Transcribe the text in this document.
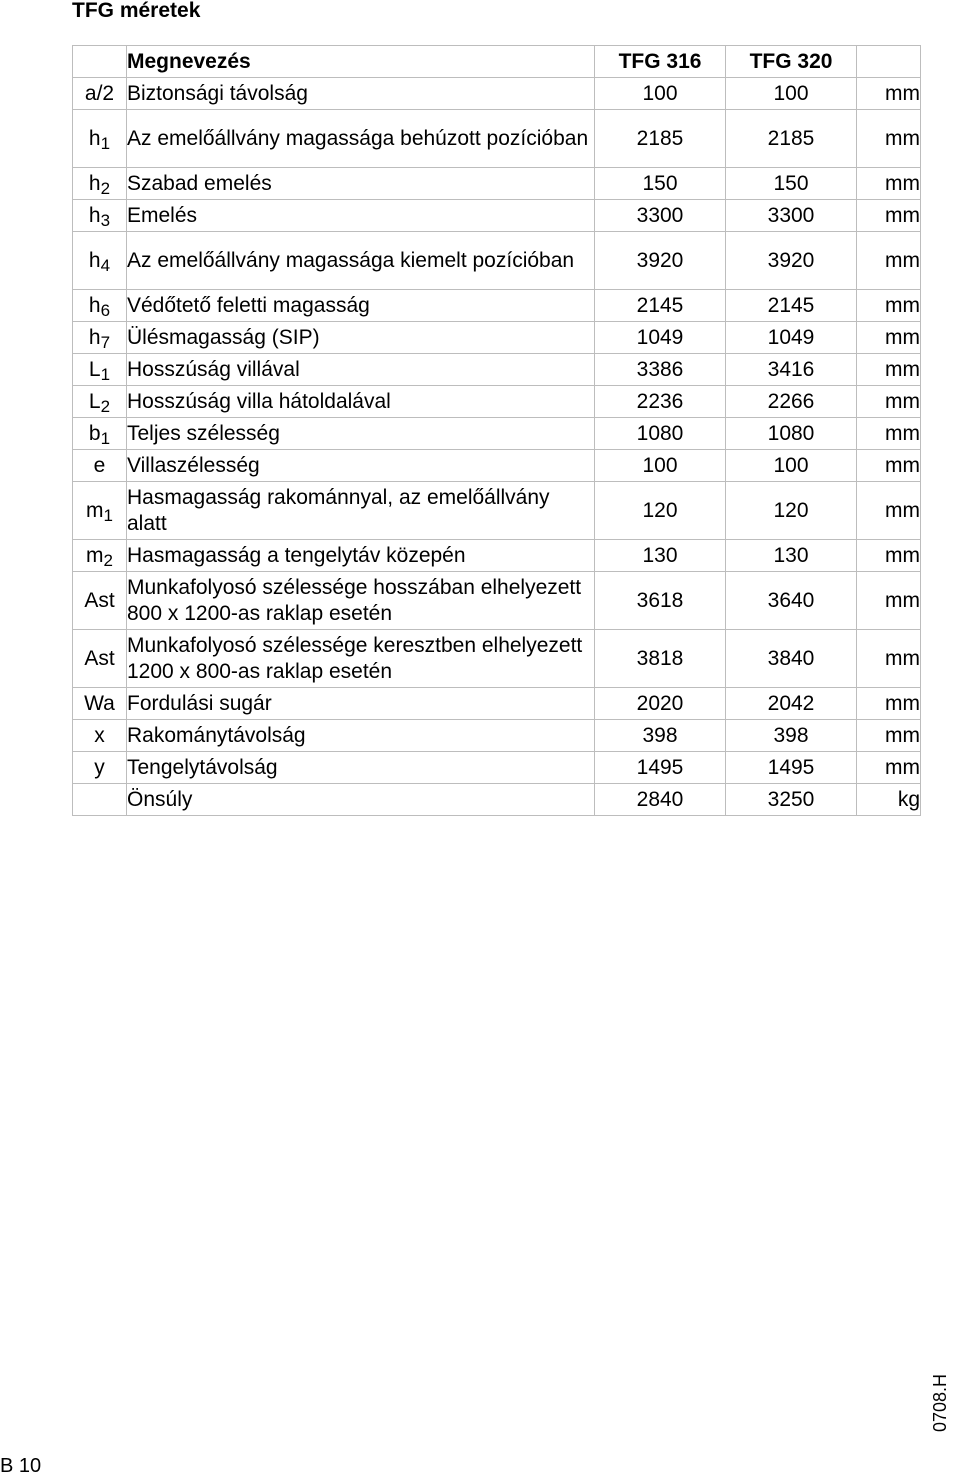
TFG méretek
	Megnevezés	TFG 316	TFG 320	
a/2	Biztonsági távolság	100	100	mm
$h_1$	Az emelőállvány magassága behúzott pozícióban	2185	2185	mm
$h_2$	Szabad emelés	150	150	mm
$h_3$	Emelés	3300	3300	mm
$h_4$	Az emelőállvány magassága kiemelt pozícióban	3920	3920	mm
$h_6$	Védőtető feletti magasság	2145	2145	mm
$h_7$	Ülésmagasság (SIP)	1049	1049	mm
$L_1$	Hosszúság villával	3386	3416	mm
$L_2$	Hosszúság villa hátoldalával	2236	2266	mm
$b_1$	Teljes szélesség	1080	1080	mm
e	Villaszélesség	100	100	mm
$m_1$	Hasmagasság rakománnyal, az emelőállvány alatt	120	120	mm
$m_2$	Hasmagasság a tengelytáv közepén	130	130	mm
Ast	Munkafolyosó szélessége hosszában elhelyezett 800 x 1200-as raklap esetén	3618	3640	mm
Ast	Munkafolyosó szélessége keresztben elhelyezett 1200 x 800-as raklap esetén	3818	3840	mm
Wa	Fordulási sugár	2020	2042	mm
x	Rakománytávolság	398	398	mm
y	Tengelytávolság	1495	1495	mm
	Önsúly	2840	3250	kg
B 10
0708.H
